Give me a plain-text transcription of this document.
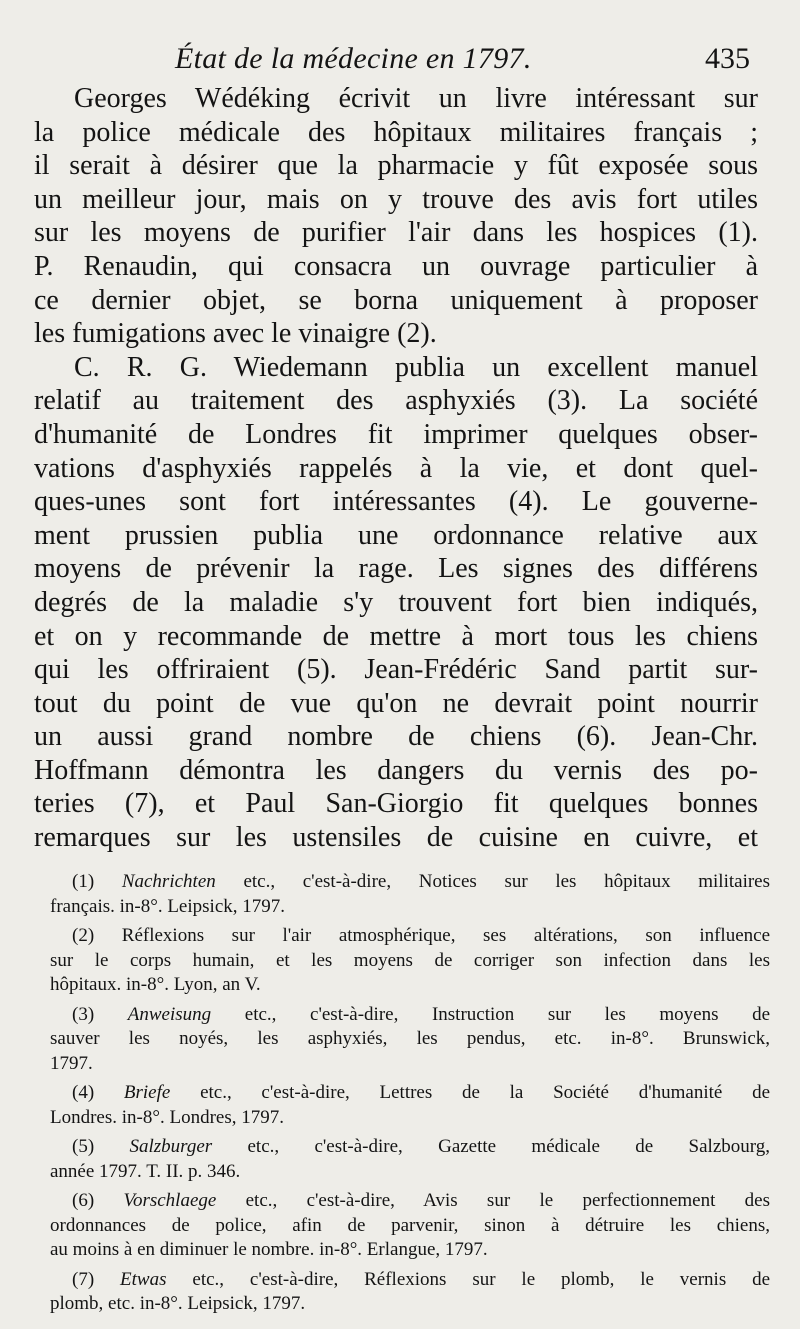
État de la médecine en 1797.	435
Georges Wédéking écrivit un livre intéressant sur
la police médicale des hôpitaux militaires français ;
il serait à désirer que la pharmacie y fût exposée sous
un meilleur jour, mais on y trouve des avis fort utiles
sur les moyens de purifier l'air dans les hospices (1).
P. Renaudin, qui consacra un ouvrage particulier à
ce dernier objet, se borna uniquement à proposer
les fumigations avec le vinaigre (2).
C. R. G. Wiedemann publia un excellent manuel
relatif au traitement des asphyxiés (3). La société
d'humanité de Londres fit imprimer quelques obser-
vations d'asphyxiés rappelés à la vie, et dont quel-
ques-unes sont fort intéressantes (4). Le gouverne-
ment prussien publia une ordonnance relative aux
moyens de prévenir la rage. Les signes des différens
degrés de la maladie s'y trouvent fort bien indiqués,
et on y recommande de mettre à mort tous les chiens
qui les offriraient (5). Jean-Frédéric Sand partit sur-
tout du point de vue qu'on ne devrait point nourrir
un aussi grand nombre de chiens (6). Jean-Chr.
Hoffmann démontra les dangers du vernis des po-
teries (7), et Paul San-Giorgio fit quelques bonnes
remarques sur les ustensiles de cuisine en cuivre, et
(1) Nachrichten etc., c'est-à-dire, Notices sur les hôpitaux militaires
français. in-8°. Leipsick, 1797.
(2) Réflexions sur l'air atmosphérique, ses altérations, son influence
sur le corps humain, et les moyens de corriger son infection dans les
hôpitaux. in-8°. Lyon, an V.
(3) Anweisung etc., c'est-à-dire, Instruction sur les moyens de
sauver les noyés, les asphyxiés, les pendus, etc. in-8°. Brunswick,
1797.
(4) Briefe etc., c'est-à-dire, Lettres de la Société d'humanité de
Londres. in-8°. Londres, 1797.
(5) Salzburger etc., c'est-à-dire, Gazette médicale de Salzbourg,
année 1797. T. II. p. 346.
(6) Vorschlaege etc., c'est-à-dire, Avis sur le perfectionnement des
ordonnances de police, afin de parvenir, sinon à détruire les chiens,
au moins à en diminuer le nombre. in-8°. Erlangue, 1797.
(7) Etwas etc., c'est-à-dire, Réflexions sur le plomb, le vernis de
plomb, etc. in-8°. Leipsick, 1797.
